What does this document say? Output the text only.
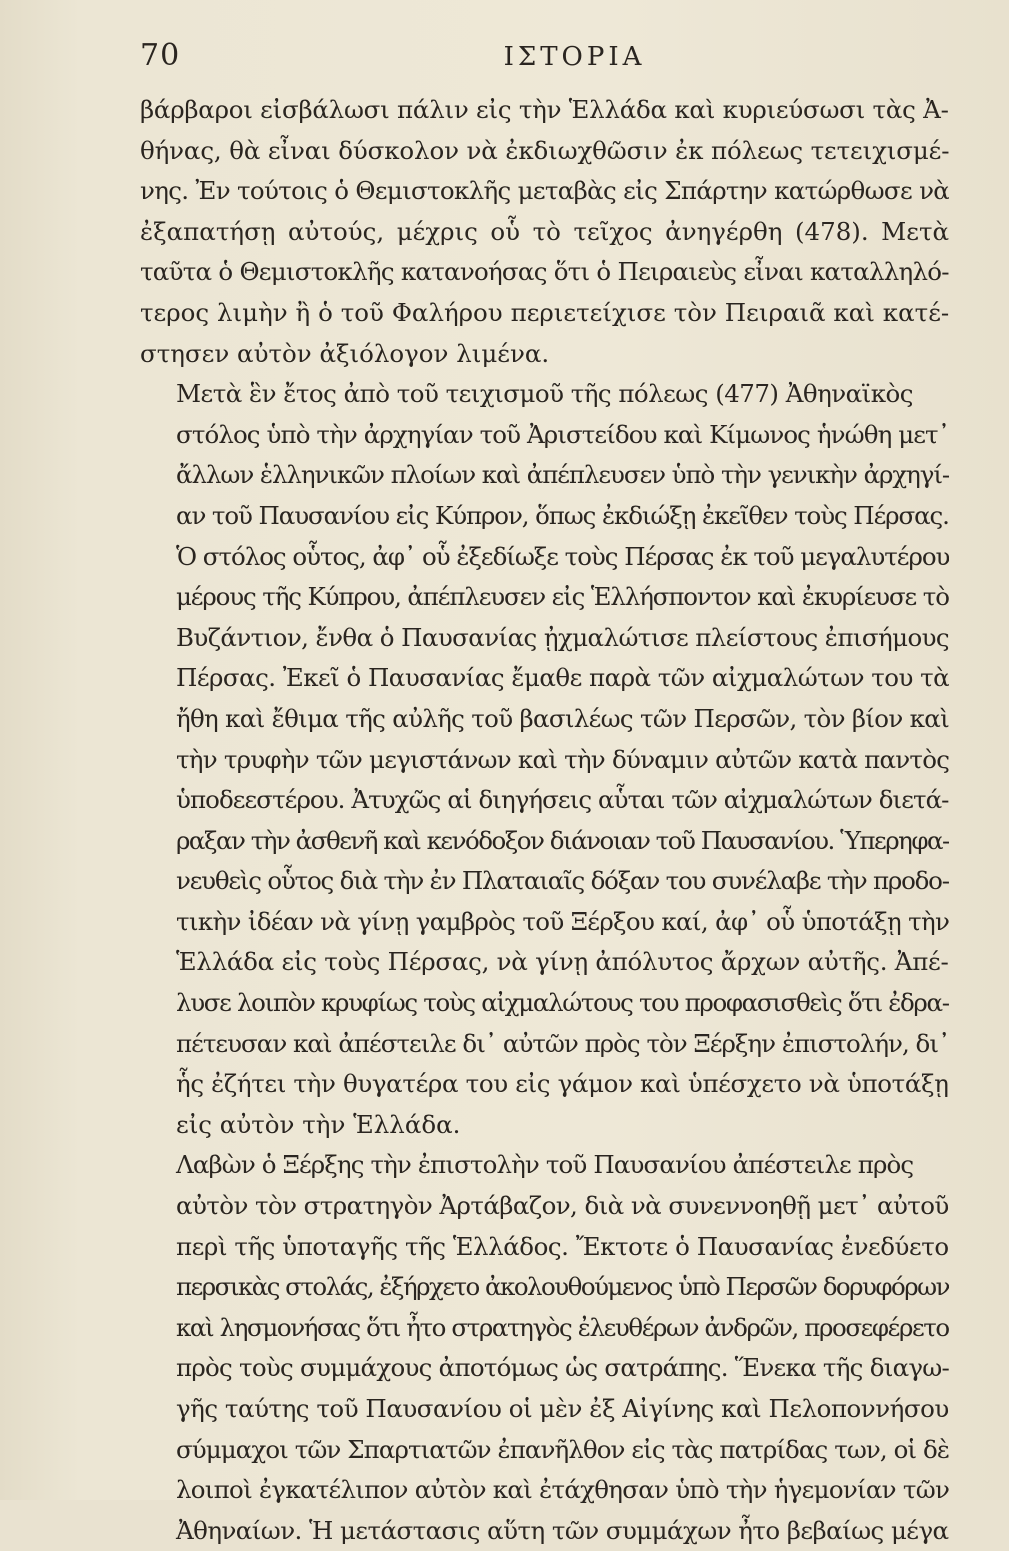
70	ΙΣΤΟΡΙΑ

βάρβαροι εἰσβάλωσι πάλιν εἰς τὴν Ἑλλάδα καὶ κυριεύσωσι τὰς Ἀ-
θήνας, θὰ εἶναι δύσκολον νὰ ἐκδιωχθῶσιν ἐκ πόλεως τετειχισμέ-
νης. Ἐν τούτοις ὁ Θεμιστοκλῆς μεταβὰς εἰς Σπάρτην κατώρθωσε νὰ
ἐξαπατήσῃ αὐτούς, μέχρις οὗ τὸ τεῖχος ἀνηγέρθη (478). Μετὰ
ταῦτα ὁ Θεμιστοκλῆς κατανοήσας ὅτι ὁ Πειραιεὺς εἶναι καταλληλό-
τερος λιμὴν ἢ ὁ τοῦ Φαλήρου περιετείχισε τὸν Πειραιᾶ καὶ κατέ-
στησεν αὐτὸν ἀξιόλογον λιμένα.

Μετὰ ἓν ἔτος ἀπὸ τοῦ τειχισμοῦ τῆς πόλεως (477) Ἀθηναϊκὸς
στόλος ὑπὸ τὴν ἀρχηγίαν τοῦ Ἀριστείδου καὶ Κίμωνος ἡνώθη μετ᾿
ἄλλων ἑλληνικῶν πλοίων καὶ ἀπέπλευσεν ὑπὸ τὴν γενικὴν ἀρχηγί-
αν τοῦ Παυσανίου εἰς Κύπρον, ὅπως ἐκδιώξῃ ἐκεῖθεν τοὺς Πέρσας.
Ὁ στόλος οὗτος, ἀφ᾿ οὗ ἐξεδίωξε τοὺς Πέρσας ἐκ τοῦ μεγαλυτέρου
μέρους τῆς Κύπρου, ἀπέπλευσεν εἰς Ἑλλήσποντον καὶ ἐκυρίευσε τὸ
Βυζάντιον, ἔνθα ὁ Παυσανίας ᾐχμαλώτισε πλείστους ἐπισήμους
Πέρσας. Ἐκεῖ ὁ Παυσανίας ἔμαθε παρὰ τῶν αἰχμαλώτων του τὰ
ἤθη καὶ ἔθιμα τῆς αὐλῆς τοῦ βασιλέως τῶν Περσῶν, τὸν βίον καὶ
τὴν τρυφὴν τῶν μεγιστάνων καὶ τὴν δύναμιν αὐτῶν κατὰ παντὸς
ὑποδεεστέρου. Ἀτυχῶς αἱ διηγήσεις αὗται τῶν αἰχμαλώτων διετά-
ραξαν τὴν ἀσθενῆ καὶ κενόδοξον διάνοιαν τοῦ Παυσανίου. Ὑπερηφα-
νευθεὶς οὗτος διὰ τὴν ἐν Πλαταιαῖς δόξαν του συνέλαβε τὴν προδο-
τικὴν ἰδέαν νὰ γίνῃ γαμβρὸς τοῦ Ξέρξου καί, ἀφ᾿ οὗ ὑποτάξῃ τὴν
Ἑλλάδα εἰς τοὺς Πέρσας, νὰ γίνῃ ἀπόλυτος ἄρχων αὐτῆς. Ἀπέ-
λυσε λοιπὸν κρυφίως τοὺς αἰχμαλώτους του προφασισθεὶς ὅτι ἐδρα-
πέτευσαν καὶ ἀπέστειλε δι᾿ αὐτῶν πρὸς τὸν Ξέρξην ἐπιστολήν, δι᾿
ἧς ἐζήτει τὴν θυγατέρα του εἰς γάμον καὶ ὑπέσχετο νὰ ὑποτάξῃ
εἰς αὐτὸν τὴν Ἑλλάδα.

Λαβὼν ὁ Ξέρξης τὴν ἐπιστολὴν τοῦ Παυσανίου ἀπέστειλε πρὸς
αὐτὸν τὸν στρατηγὸν Ἀρτάβαζον, διὰ νὰ συνεννοηθῇ μετ᾿ αὐτοῦ
περὶ τῆς ὑποταγῆς τῆς Ἑλλάδος. Ἔκτοτε ὁ Παυσανίας ἐνεδύετο
περσικὰς στολάς, ἐξήρχετο ἀκολουθούμενος ὑπὸ Περσῶν δορυφόρων
καὶ λησμονήσας ὅτι ἦτο στρατηγὸς ἐλευθέρων ἀνδρῶν, προσεφέρετο
πρὸς τοὺς συμμάχους ἀποτόμως ὡς σατράπης. Ἕνεκα τῆς διαγω-
γῆς ταύτης τοῦ Παυσανίου οἱ μὲν ἐξ Αἰγίνης καὶ Πελοποννήσου
σύμμαχοι τῶν Σπαρτιατῶν ἐπανῆλθον εἰς τὰς πατρίδας των, οἱ δὲ
λοιποὶ ἐγκατέλιπον αὐτὸν καὶ ἐτάχθησαν ὑπὸ τὴν ἡγεμονίαν τῶν
Ἀθηναίων. Ἡ μετάστασις αὕτη τῶν συμμάχων ἦτο βεβαίως μέγα
